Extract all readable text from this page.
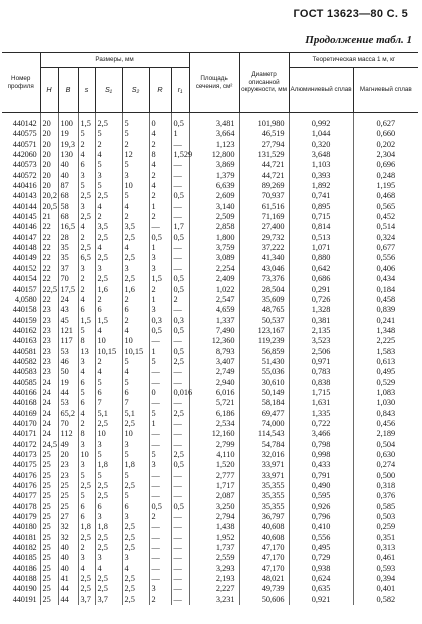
ГОСТ 13623—80 С. 5
Продолжение табл. 1
Номер профиля	Размеры, мм							Площадь сечения, см²	Диаметр описанной окружности, мм	Теоретическая масса 1 м, кг	
	H	B	s	S₁	S₂	R	r₁			Алюминиевый сплав	Магниевый сплав
440142	20	100	1,5	2,5	5	0	0,5	3,481	101,980	0,992	0,627
440575	20	19	5	5	5	4	1	3,664	46,519	1,044	0,660
440571	20	19,3	2	2	2	2	—	1,123	27,794	0,320	0,202
442060	20	130	4	4	12	8	1,529	12,800	131,529	3,648	2,304
440573	20	40	6	5	5	4	—	3,869	44,721	1,103	0,696
440572	20	40	3	3	3	2	—	1,379	44,721	0,393	0,248
440416	20	87	5	5	10	4	—	6,639	89,269	1,892	1,195
440143	20,2	68	2,5	2,5	5	2	0,5	2,609	70,937	0,741	0,468
440144	20,5	58	3	4	4	1	—	3,140	61,516	0,895	0,565
440145	21	68	2,5	2	2	2	—	2,509	71,169	0,715	0,452
440146	22	16,5	4	3,5	3,5	—	1,7	2,858	27,400	0,814	0,514
440147	22	28	2	2,5	2,5	0,5	0,5	1,800	29,732	0,513	0,324
440148	22	35	2,5	4	4	1	—	3,759	37,222	1,071	0,677
440149	22	35	6,5	2,5	2,5	3	—	3,089	41,340	0,880	0,556
440152	22	37	3	3	3	3	—	2,254	43,046	0,642	0,406
440154	22	70	2	2,5	2,5	1,5	0,5	2,409	73,376	0,686	0,434
440157	22,5	17,5	2	1,6	1,6	2	0,5	1,022	28,504	0,291	0,184
4,0580	22	24	4	2	2	1	2	2,547	35,609	0,726	0,458
440158	23	43	6	6	6	3	—	4,659	48,765	1,328	0,839
440159	23	45	1,5	1,5	2	0,3	0,3	1,337	50,537	0,381	0,241
440162	23	121	5	4	4	0,5	0,5	7,490	123,167	2,135	1,348
440163	23	117	8	10	10	—	—	12,360	119,239	3,523	2,225
440581	23	53	13	10,15	10,15	1	0,5	8,793	56,859	2,506	1,583
440582	23	46	3	2	5	5	2,5	3,407	51,430	0,971	0,613
440583	23	50	4	4	4	—	—	2,749	55,036	0,783	0,495
440585	24	19	6	5	5	—	—	2,940	30,610	0,838	0,529
440166	24	44	5	6	6	0	0,016	6,016	50,149	1,715	1,083
440168	24	53	6	7	7	—	—	5,721	58,184	1,631	1,030
440169	24	65,2	4	5,1	5,1	5	2,5	6,186	69,477	1,335	0,843
440170	24	70	2	2,5	2,5	1	—	2,534	74,000	0,722	0,456
440171	24	112	8	10	10	—	—	12,160	114,543	3,466	2,189
440172	24,5	49	3	3	3	—	—	2,799	54,784	0,798	0,504
440173	25	20	10	5	5	5	2,5	4,110	32,016	0,998	0,630
440175	25	23	3	1,8	1,8	3	0,5	1,520	33,971	0,433	0,274
440176	25	23	5	5	5	—	—	2,777	33,971	0,791	0,500
440176	25	25	2,5	2,5	2,5	—	—	1,717	35,355	0,490	0,318
440177	25	25	5	2,5	5	—	—	2,087	35,355	0,595	0,376
440178	25	25	6	6	6	0,5	0,5	3,250	35,355	0,926	0,585
440179	25	27	6	3	3	2	—	2,794	36,797	0,796	0,503
440180	25	32	1,8	1,8	2,5	—	—	1,438	40,608	0,410	0,259
440181	25	32	2,5	2,5	2,5	—	—	1,952	40,608	0,556	0,351
440182	25	40	2	2,5	2,5	—	—	1,737	47,170	0,495	0,313
440185	25	40	3	3	3	—	—	2,559	47,170	0,729	0,461
440186	25	40	4	4	4	—	—	3,293	47,170	0,938	0,593
440188	25	41	2,5	2,5	2,5	—	—	2,193	48,021	0,624	0,394
440190	25	44	2,5	2,5	2,5	3	—	2,227	49,739	0,635	0,401
440191	25	44	3,7	3,7	2,5	2	—	3,231	50,606	0,921	0,582
